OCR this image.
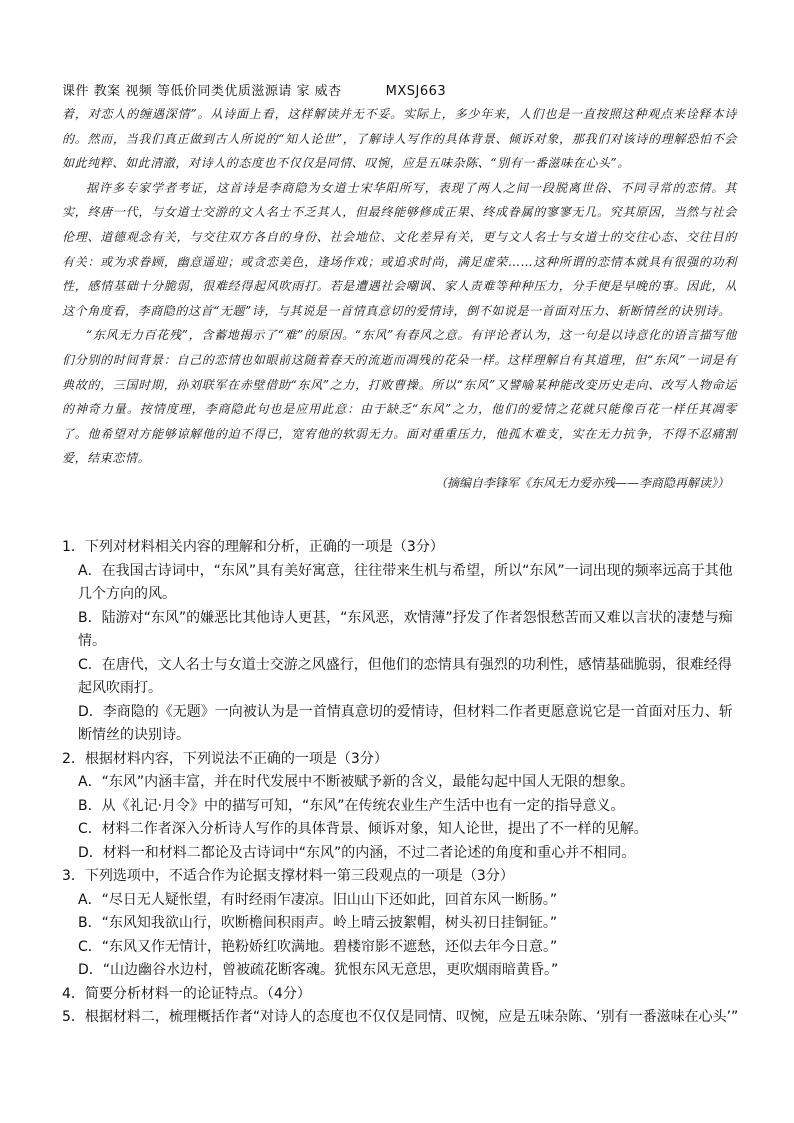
课件 教案 视频 等低价同类优质滋源请 家 威杏	MXSJ663

着，对恋人的缠遇深情”。从诗面上看，这样解读并无不妥。实际上，多少年来，人们也是一直按照这种观点来诠释本诗的。然而，当我们真正做到古人所说的“知人论世”，了解诗人写作的具体背景、倾诉对象，那我们对该诗的理解恐怕不会如此纯粹、如此清澈，对诗人的态度也不仅仅是同情、叹惋，应是五味杂陈、“别有一番滋味在心头”。

据许多专家学者考证，这首诗是李商隐为女道士宋华阳所写，表现了两人之间一段脱离世俗、不同寻常的恋情。其实，终唐一代，与女道士交游的文人名士不乏其人，但最终能够修成正果、终成眷属的寥寥无几。究其原因，当然与社会伦理、道德观念有关，与交往双方各自的身份、社会地位、文化差异有关，更与文人名士与女道士的交往心态、交往目的有关：或为求眷顾，幽意遥迎；或贪恋美色，逢场作戏；或追求时尚，满足虚荣……这种所谓的恋情本就具有很强的功利性，感情基础十分脆弱，很难经得起风吹雨打。若是遭遇社会嘲讽、家人责难等种种压力，分手便是早晚的事。因此，从这个角度看，李商隐的这首“无题”诗，与其说是一首情真意切的爱情诗，倒不如说是一首面对压力、斩断情丝的诀别诗。

“东风无力百花残”，含蓄地揭示了“难”的原因。“东风”有春风之意。有评论者认为，这一句是以诗意化的语言描写他们分别的时间背景：自己的恋情也如眼前这随着春天的流逝而凋残的花朵一样。这样理解自有其道理，但“东风”一词是有典故的，三国时期，孙刘联军在赤壁借助“东风”之力，打败曹操。所以“东风”又譬喻某种能改变历史走向、改写人物命运的神奇力量。按情度理，李商隐此句也是应用此意：由于缺乏“东风”之力，他们的爱情之花就只能像百花一样任其凋零了。他希望对方能够谅解他的迫不得已，宽宥他的软弱无力。面对重重压力，他孤木难支，实在无力抗争，不得不忍痛割爱，结束恋情。

（摘编自李锋军《东风无力爱亦残——李商隐再解读》）
1．下列对材料相关内容的理解和分析，正确的一项是（3分）
A．在我国古诗词中，“东风”具有美好寓意，往往带来生机与希望，所以“东风”一词出现的频率远高于其他几个方向的风。
B．陆游对“东风”的嫌恶比其他诗人更甚，“东风恶，欢情薄”抒发了作者怨恨愁苦而又难以言状的凄楚与痴情。
C．在唐代，文人名士与女道士交游之风盛行，但他们的恋情具有强烈的功利性，感情基础脆弱，很难经得起风吹雨打。
D．李商隐的《无题》一向被认为是一首情真意切的爱情诗，但材料二作者更愿意说它是一首面对压力、斩断情丝的诀别诗。
2．根据材料内容，下列说法不正确的一项是（3分）
A．“东风”内涵丰富，并在时代发展中不断被赋予新的含义，最能勾起中国人无限的想象。
B．从《礼记·月令》中的描写可知，“东风”在传统农业生产生活中也有一定的指导意义。
C．材料二作者深入分析诗人写作的具体背景、倾诉对象，知人论世，提出了不一样的见解。
D．材料一和材料二都论及古诗词中“东风”的内涵，不过二者论述的角度和重心并不相同。
3．下列选项中，不适合作为论据支撑材料一第三段观点的一项是（3分）
A．“尽日无人疑怅望，有时经雨乍凄凉。旧山山下还如此，回首东风一断肠。”
B．“东风知我欲山行，吹断檐间积雨声。岭上晴云披絮帽，树头初日挂铜钲。”
C．“东风又作无情计，艳粉娇红吹满地。碧楼帘影不遮愁，还似去年今日意。”
D．“山边幽谷水边村，曾被疏花断客魂。犹恨东风无意思，更吹烟雨暗黄昏。”
4．简要分析材料一的论证特点。（4分）
5．根据材料二，梳理概括作者“对诗人的态度也不仅仅是同情、叹惋，应是五味杂陈、‘别有一番滋味在心头’”
